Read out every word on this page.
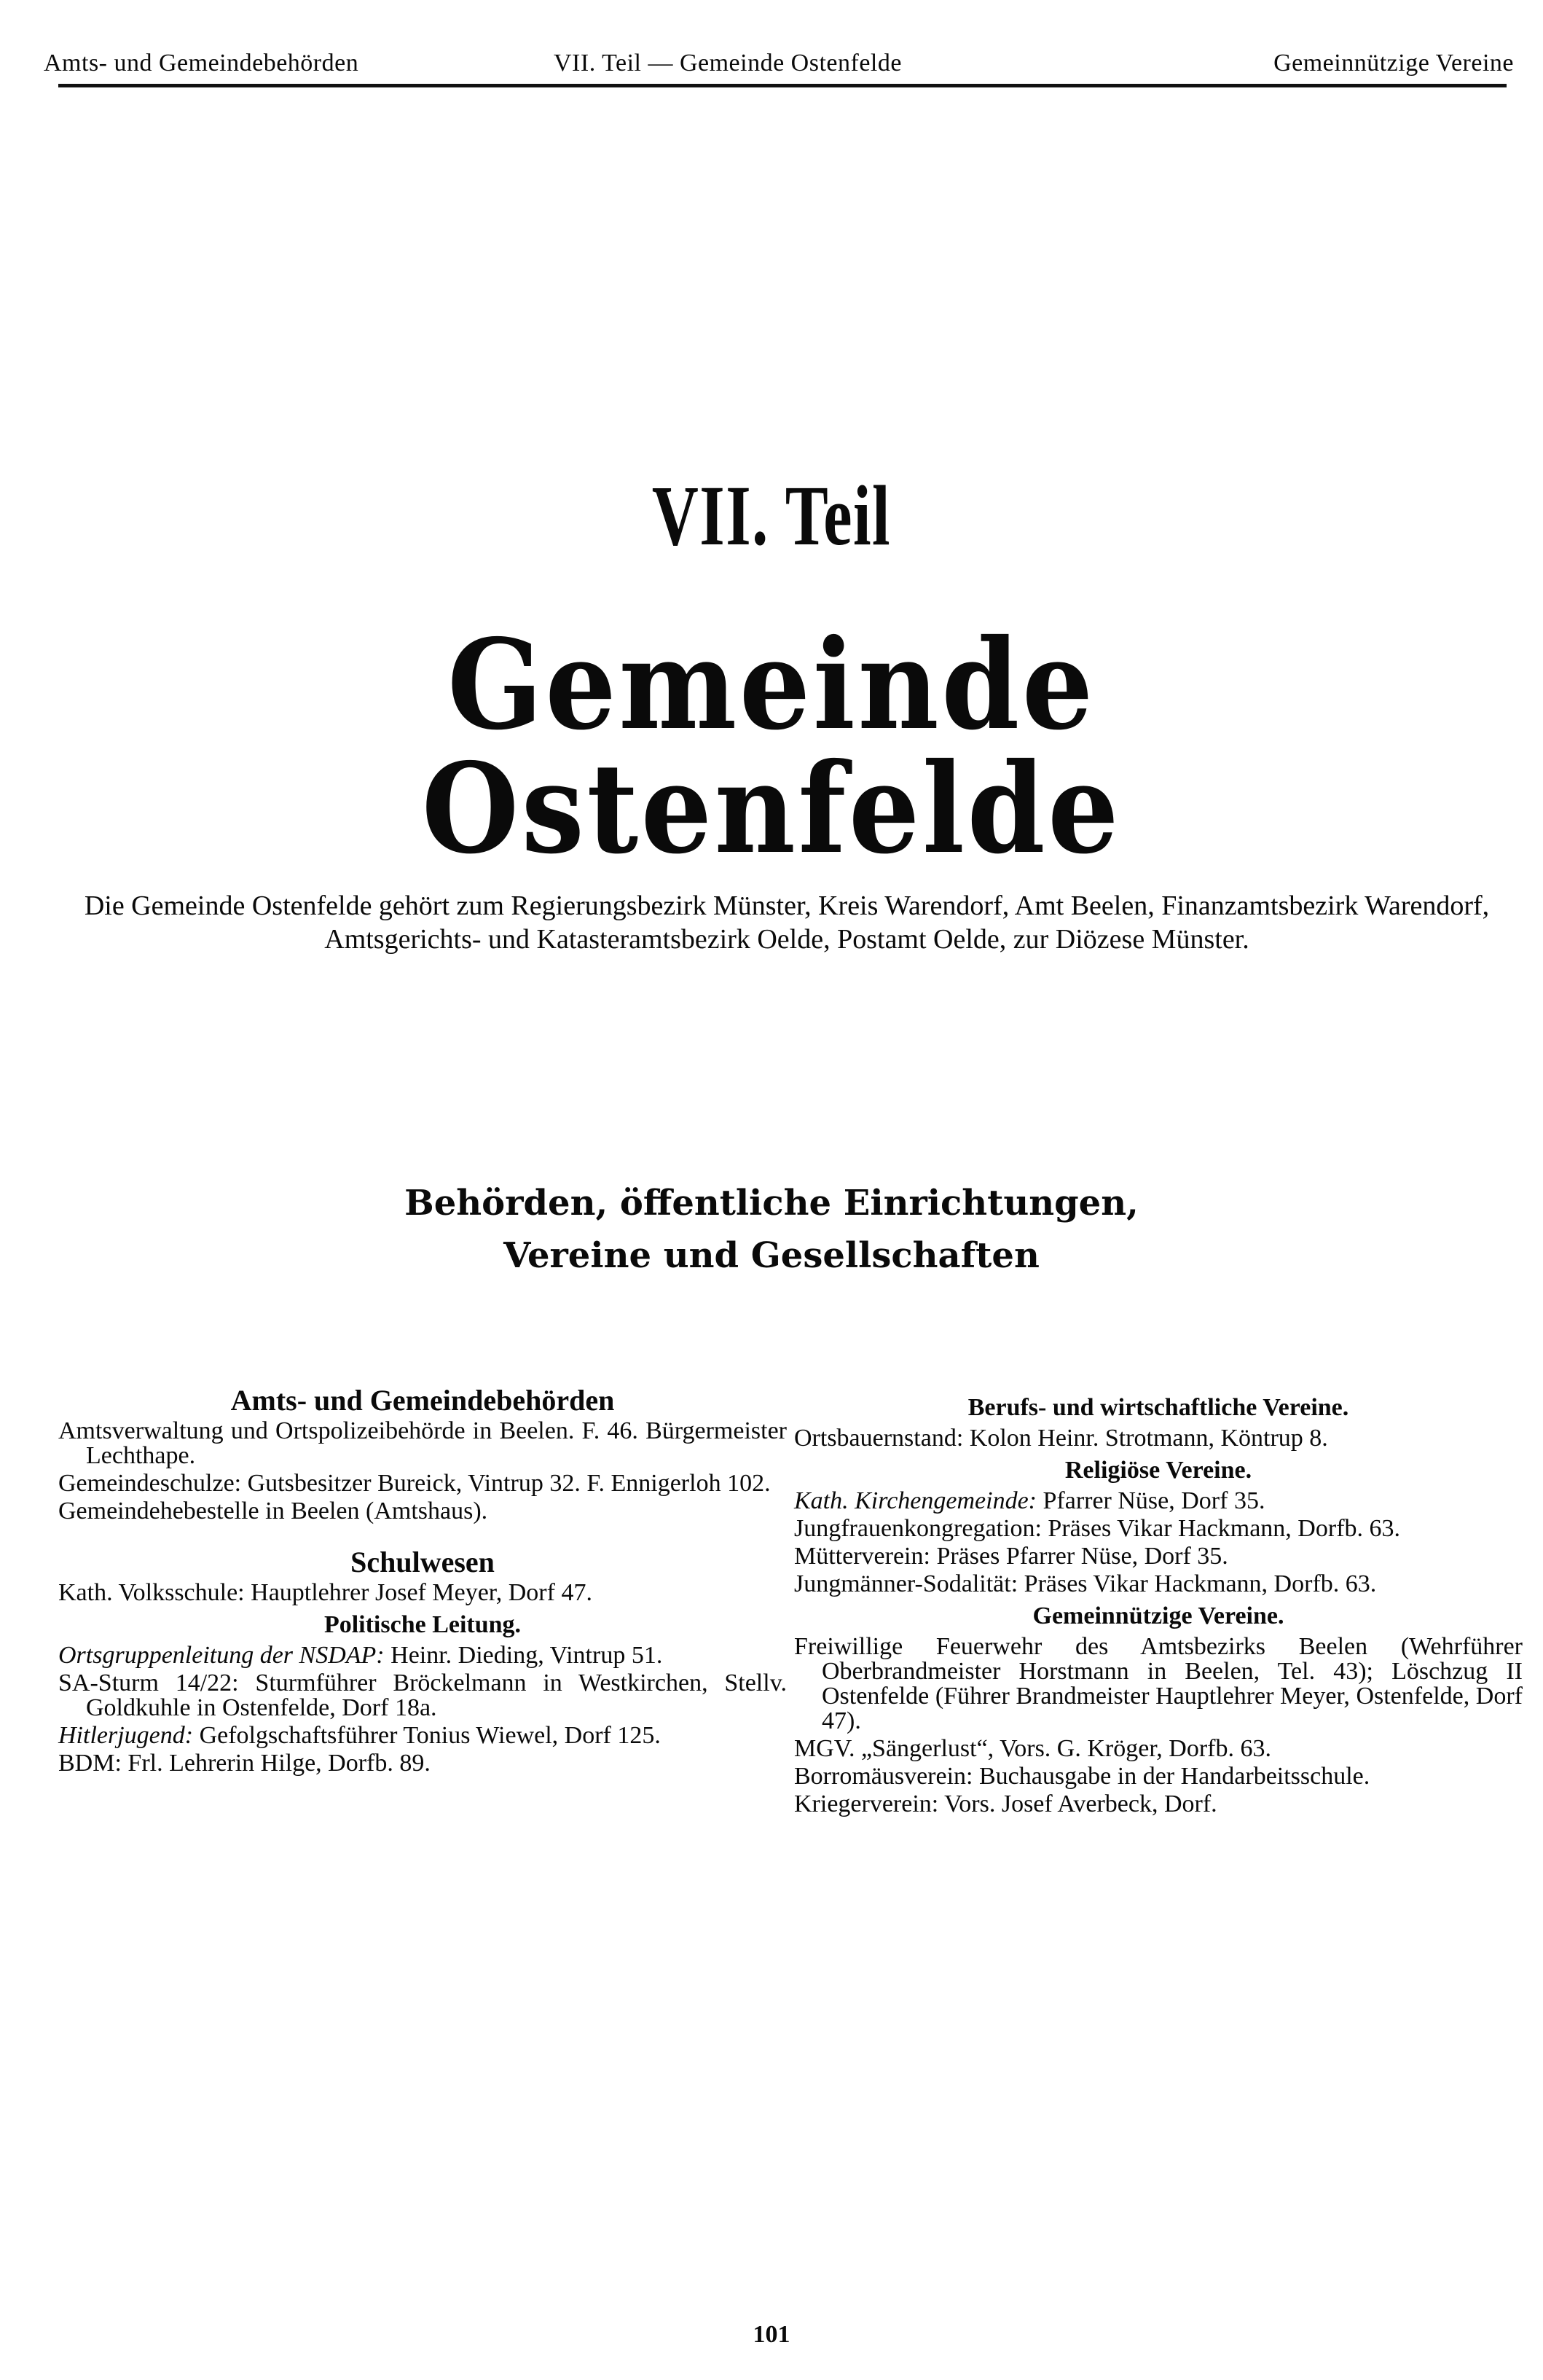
Amts- und Gemeindebehörden	VII. Teil — Gemeinde Ostenfelde	Gemeinnützige Vereine
VII. Teil
Gemeinde Ostenfelde
Die Gemeinde Ostenfelde gehört zum Regierungsbezirk Münster, Kreis Warendorf, Amt Beelen, Finanzamtsbezirk Warendorf, Amtsgerichts- und Katasteramtsbezirk Oelde, Postamt Oelde, zur Diözese Münster.
Behörden, öffentliche Einrichtungen,
Vereine und Gesellschaften
Amts- und Gemeindebehörden

Amtsverwaltung und Ortspolizeibehörde in Beelen. F. 46. Bürgermeister Lechthape.

Gemeindeschulze: Gutsbesitzer Bureick, Vintrup 32. F. Ennigerloh 102.

Gemeindehebestelle in Beelen (Amtshaus).

Schulwesen

Kath. Volksschule: Hauptlehrer Josef Meyer, Dorf 47.

Politische Leitung.

Ortsgruppenleitung der NSDAP: Heinr. Dieding, Vintrup 51.

SA-Sturm 14/22: Sturmführer Bröckelmann in Westkirchen, Stellv. Goldkuhle in Ostenfelde, Dorf 18a.

Hitlerjugend: Gefolgschaftsführer Tonius Wiewel, Dorf 125.

BDM: Frl. Lehrerin Hilge, Dorfb. 89.

Berufs- und wirtschaftliche Vereine.

Ortsbauernstand: Kolon Heinr. Strotmann, Köntrup 8.

Religiöse Vereine.

Kath. Kirchengemeinde: Pfarrer Nüse, Dorf 35.

Jungfrauenkongregation: Präses Vikar Hackmann, Dorfb. 63.

Mütterverein: Präses Pfarrer Nüse, Dorf 35.

Jungmänner-Sodalität: Präses Vikar Hackmann, Dorfb. 63.

Gemeinnützige Vereine.

Freiwillige Feuerwehr des Amtsbezirks Beelen (Wehrführer Oberbrandmeister Horstmann in Beelen, Tel. 43); Löschzug II Ostenfelde (Führer Brandmeister Hauptlehrer Meyer, Ostenfelde, Dorf 47).

MGV. „Sängerlust“, Vors. G. Kröger, Dorfb. 63.

Borromäusverein: Buchausgabe in der Handarbeitsschule.

Kriegerverein: Vors. Josef Averbeck, Dorf.

101
